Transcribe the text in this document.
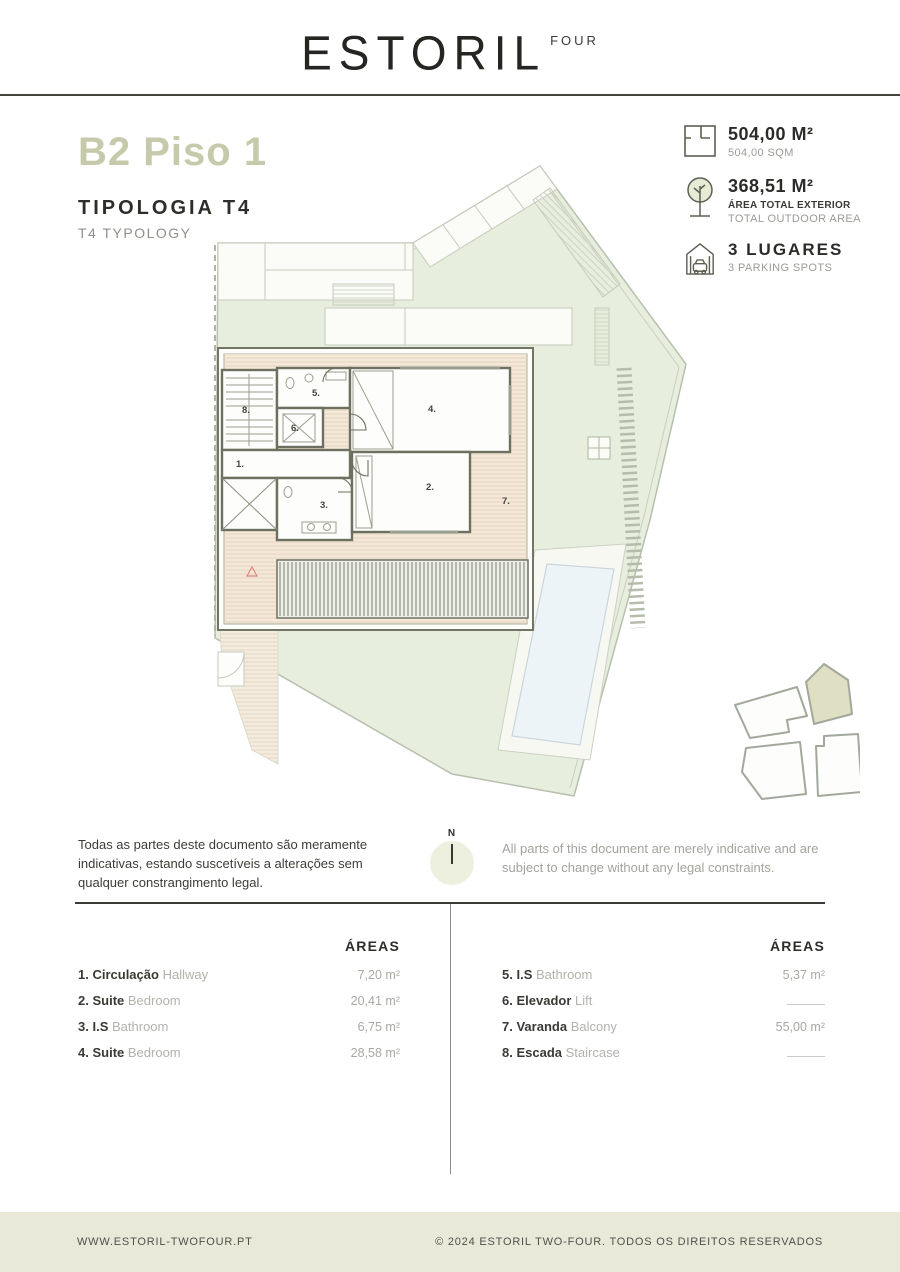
ESTORIL FOUR
B2 Piso 1
TIPOLOGIA T4
T4 TYPOLOGY
504,00 M²
504,00 SQM
368,51 M²
ÁREA TOTAL EXTERIOR
TOTAL OUTDOOR AREA
3 LUGARES
3 PARKING SPOTS
1.
2.
3.
4.
5.
6.
7.
8.
Todas as partes deste documento são meramente indicativas, estando suscetíveis a alterações sem qualquer constrangimento legal.
N
All parts of this document are merely indicative and are subject to change without any legal constraints.
ÁREAS
1. Circulação Hallway	7,20 m²
2. Suite Bedroom	20,41 m²
3. I.S Bathroom	6,75 m²
4. Suite Bedroom	28,58 m²
ÁREAS
5. I.S Bathroom	5,37 m²
6. Elevador Lift
7. Varanda Balcony	55,00 m²
8. Escada Staircase
WWW.ESTORIL-TWOFOUR.PT	© 2024 ESTORIL TWO-FOUR. TODOS OS DIREITOS RESERVADOS
